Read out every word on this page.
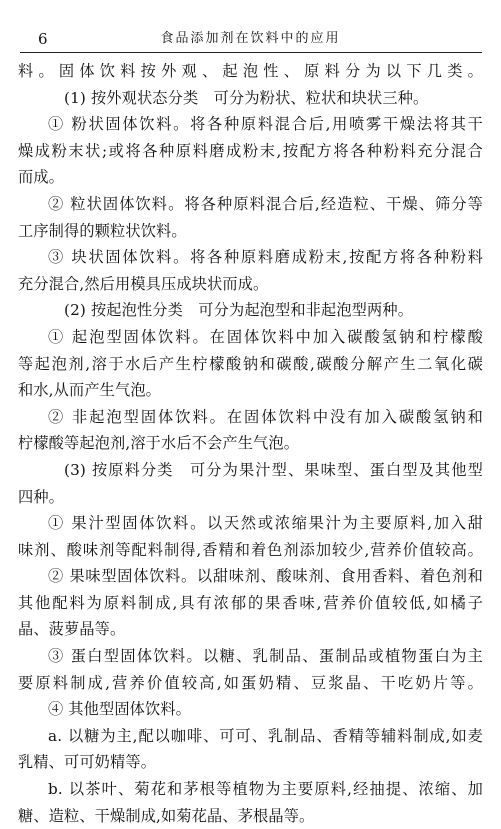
6	食品添加剂在饮料中的应用
料。固体饮料按外观、起泡性、原料分为以下几类。
(1) 按外观状态分类　可分为粉状、粒状和块状三种。
① 粉状固体饮料。将各种原料混合后,用喷雾干燥法将其干
燥成粉末状;或将各种原料磨成粉末,按配方将各种粉料充分混合
而成。
② 粒状固体饮料。将各种原料混合后,经造粒、干燥、筛分等
工序制得的颗粒状饮料。
③ 块状固体饮料。将各种原料磨成粉末,按配方将各种粉料
充分混合,然后用模具压成块状而成。
(2) 按起泡性分类　可分为起泡型和非起泡型两种。
① 起泡型固体饮料。在固体饮料中加入碳酸氢钠和柠檬酸
等起泡剂,溶于水后产生柠檬酸钠和碳酸,碳酸分解产生二氧化碳
和水,从而产生气泡。
② 非起泡型固体饮料。在固体饮料中没有加入碳酸氢钠和
柠檬酸等起泡剂,溶于水后不会产生气泡。
(3) 按原料分类　可分为果汁型、果味型、蛋白型及其他型
四种。
① 果汁型固体饮料。以天然或浓缩果汁为主要原料,加入甜
味剂、酸味剂等配料制得,香精和着色剂添加较少,营养价值较高。
② 果味型固体饮料。以甜味剂、酸味剂、食用香料、着色剂和
其他配料为原料制成,具有浓郁的果香味,营养价值较低,如橘子
晶、菠萝晶等。
③ 蛋白型固体饮料。以糖、乳制品、蛋制品或植物蛋白为主
要原料制成,营养价值较高,如蛋奶精、豆浆晶、干吃奶片等。
④ 其他型固体饮料。
a. 以糖为主,配以咖啡、可可、乳制品、香精等辅料制成,如麦
乳精、可可奶精等。
b. 以茶叶、菊花和茅根等植物为主要原料,经抽提、浓缩、加
糖、造粒、干燥制成,如菊花晶、茅根晶等。
